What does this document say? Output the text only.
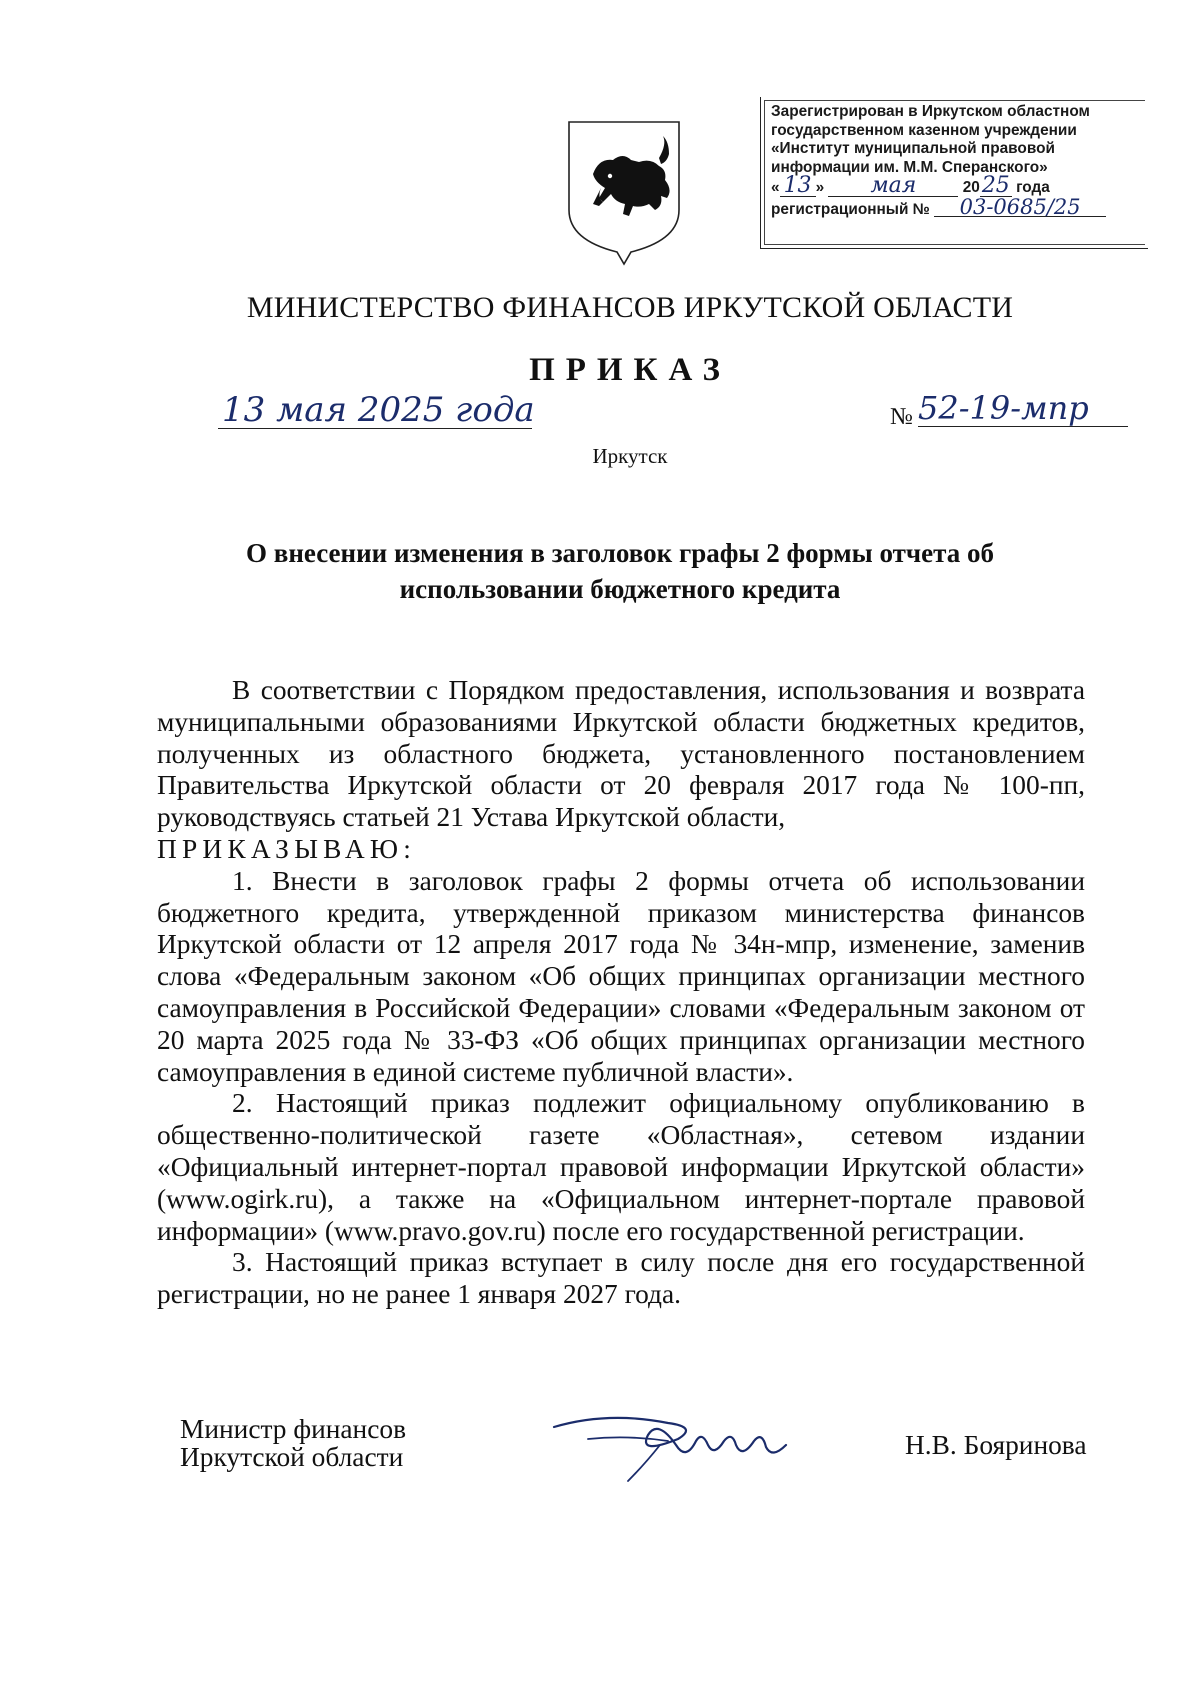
Зарегистрирован в Иркутском областном
государственном казенном учреждении
«Институт муниципальной правовой
информации им. М.М. Сперанского»
« 13 » мая	2025 года
регистрационный № 03-0685/25
МИНИСТЕРСТВО ФИНАНСОВ ИРКУТСКОЙ ОБЛАСТИ
ПРИКАЗ
13 мая 2025 года	№ 52-19-мпр
Иркутск
О внесении изменения в заголовок графы 2 формы отчета об
использовании бюджетного кредита

В соответствии с Порядком предоставления, использования и возврата муниципальными образованиями Иркутской области бюджетных кредитов, полученных из областного бюджета, установленного постановлением Правительства Иркутской области от 20 февраля 2017 года № 100-пп, руководствуясь статьей 21 Устава Иркутской области,

ПРИКАЗЫВАЮ:

1. Внести в заголовок графы 2 формы отчета об использовании бюджетного кредита, утвержденной приказом министерства финансов Иркутской области от 12 апреля 2017 года № 34н-мпр, изменение, заменив слова «Федеральным законом «Об общих принципах организации местного самоуправления в Российской Федерации» словами «Федеральным законом от 20 марта 2025 года № 33-ФЗ «Об общих принципах организации местного самоуправления в единой системе публичной власти».

2. Настоящий приказ подлежит официальному опубликованию в общественно-политической газете «Областная», сетевом издании «Официальный интернет-портал правовой информации Иркутской области» (www.ogirk.ru), а также на «Официальном интернет-портале правовой информации» (www.pravo.gov.ru) после его государственной регистрации.

3. Настоящий приказ вступает в силу после дня его государственной регистрации, но не ранее 1 января 2027 года.

Министр финансов
Иркутской области	Н.В. Бояринова
